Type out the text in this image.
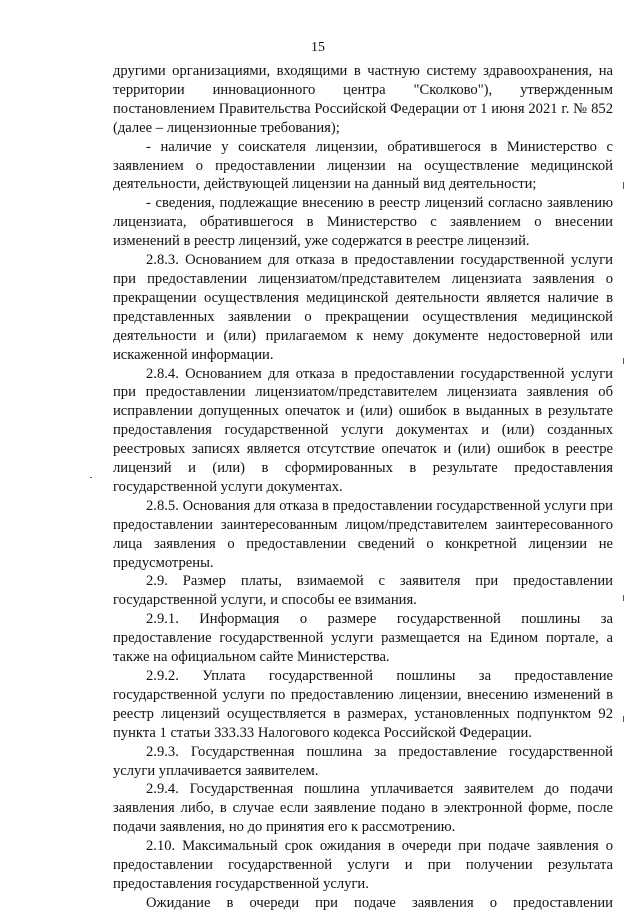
15

другими организациями, входящими в частную систему здравоохранения, на территории инновационного центра "Сколково"), утвержденным постановлением Правительства Российской Федерации от 1 июня 2021 г. № 852 (далее – лицензионные требования);

- наличие у соискателя лицензии, обратившегося в Министерство с заявлением о предоставлении лицензии на осуществление медицинской деятельности, действующей лицензии на данный вид деятельности;

- сведения, подлежащие внесению в реестр лицензий согласно заявлению лицензиата, обратившегося в Министерство с заявлением о внесении изменений в реестр лицензий, уже содержатся в реестре лицензий.

2.8.3. Основанием для отказа в предоставлении государственной услуги при предоставлении лицензиатом/представителем лицензиата заявления о прекращении осуществления медицинской деятельности является наличие в представленных заявлении о прекращении осуществления медицинской деятельности и (или) прилагаемом к нему документе недостоверной или искаженной информации.

2.8.4. Основанием для отказа в предоставлении государственной услуги при предоставлении лицензиатом/представителем лицензиата заявления об исправлении допущенных опечаток и (или) ошибок в выданных в результате предоставления государственной услуги документах и (или) созданных реестровых записях является отсутствие опечаток и (или) ошибок в реестре лицензий и (или) в сформированных в результате предоставления государственной услуги документах.

2.8.5. Основания для отказа в предоставлении государственной услуги при предоставлении заинтересованным лицом/представителем заинтересованного лица заявления о предоставлении сведений о конкретной лицензии не предусмотрены.

2.9. Размер платы, взимаемой с заявителя при предоставлении государственной услуги, и способы ее взимания.

2.9.1. Информация о размере государственной пошлины за предоставление государственной услуги размещается на Едином портале, а также на официальном сайте Министерства.

2.9.2. Уплата государственной пошлины за предоставление государственной услуги по предоставлению лицензии, внесению изменений в реестр лицензий осуществляется в размерах, установленных подпунктом 92 пункта 1 статьи 333.33 Налогового кодекса Российской Федерации.

2.9.3. Государственная пошлина за предоставление государственной услуги уплачивается заявителем.

2.9.4. Государственная пошлина уплачивается заявителем до подачи заявления либо, в случае если заявление подано в электронной форме, после подачи заявления, но до принятия его к рассмотрению.

2.10. Максимальный срок ожидания в очереди при подаче заявления о предоставлении государственной услуги и при получении результата предоставления государственной услуги.

Ожидание в очереди при подаче заявления о предоставлении
